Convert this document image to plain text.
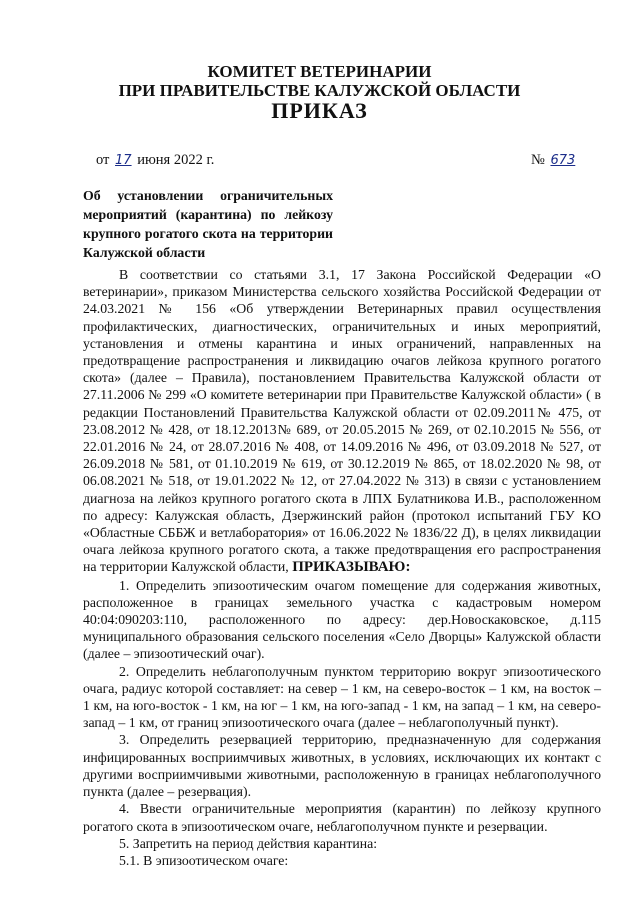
КОМИТЕТ ВЕТЕРИНАРИИ
ПРИ ПРАВИТЕЛЬСТВЕ КАЛУЖСКОЙ ОБЛАСТИ
ПРИКАЗ
от 17 июня 2022 г.	№ 673
Об установлении ограничительных мероприятий (карантина) по лейкозу крупного рогатого скота на территории Калужской области

В соответствии со статьями 3.1, 17 Закона Российской Федерации «О ветеринарии», приказом Министерства сельского хозяйства Российской Федерации от 24.03.2021 № 156 «Об утверждении Ветеринарных правил осуществления профилактических, диагностических, ограничительных и иных мероприятий, установления и отмены карантина и иных ограничений, направленных на предотвращение распространения и ликвидацию очагов лейкоза крупного рогатого скота» (далее – Правила), постановлением Правительства Калужской области от 27.11.2006 № 299 «О комитете ветеринарии при Правительстве Калужской области» ( в редакции Постановлений Правительства Калужской области от 02.09.2011№ 475, от 23.08.2012 № 428, от 18.12.2013№ 689, от 20.05.2015 № 269, от 02.10.2015 № 556, от 22.01.2016 № 24, от 28.07.2016 № 408, от 14.09.2016 № 496, от 03.09.2018 № 527, от 26.09.2018 № 581, от 01.10.2019 № 619, от 30.12.2019 № 865, от 18.02.2020 № 98, от 06.08.2021 № 518, от 19.01.2022 № 12, от 27.04.2022 № 313) в связи с установлением диагноза на лейкоз крупного рогатого скота в ЛПХ Булатникова И.В., расположенном по адресу: Калужская область, Дзержинский район (протокол испытаний ГБУ КО «Областные СББЖ и ветлаборатория» от 16.06.2022 № 1836/22 Д), в целях ликвидации очага лейкоза крупного рогатого скота, а также предотвращения его распространения на территории Калужской области, ПРИКАЗЫВАЮ:

1. Определить эпизоотическим очагом помещение для содержания животных, расположенное в границах земельного участка с кадастровым номером 40:04:090203:110, расположенного по адресу: дер.Новоскаковское, д.115 муниципального образования сельского поселения «Село Дворцы» Калужской области (далее – эпизоотический очаг).

2. Определить неблагополучным пунктом территорию вокруг эпизоотического очага, радиус которой составляет: на север – 1 км, на северо-восток – 1 км, на восток – 1 км, на юго-восток - 1 км, на юг – 1 км, на юго-запад - 1 км, на запад – 1 км, на северо-запад – 1 км, от границ эпизоотического очага (далее – неблагополучный пункт).

3. Определить резервацией территорию, предназначенную для содержания инфицированных восприимчивых животных, в условиях, исключающих их контакт с другими восприимчивыми животными, расположенную в границах неблагополучного пункта (далее – резервация).

4. Ввести ограничительные мероприятия (карантин) по лейкозу крупного рогатого скота в эпизоотическом очаге, неблагополучном пункте и резервации.

5. Запретить на период действия карантина:

5.1. В эпизоотическом очаге:
